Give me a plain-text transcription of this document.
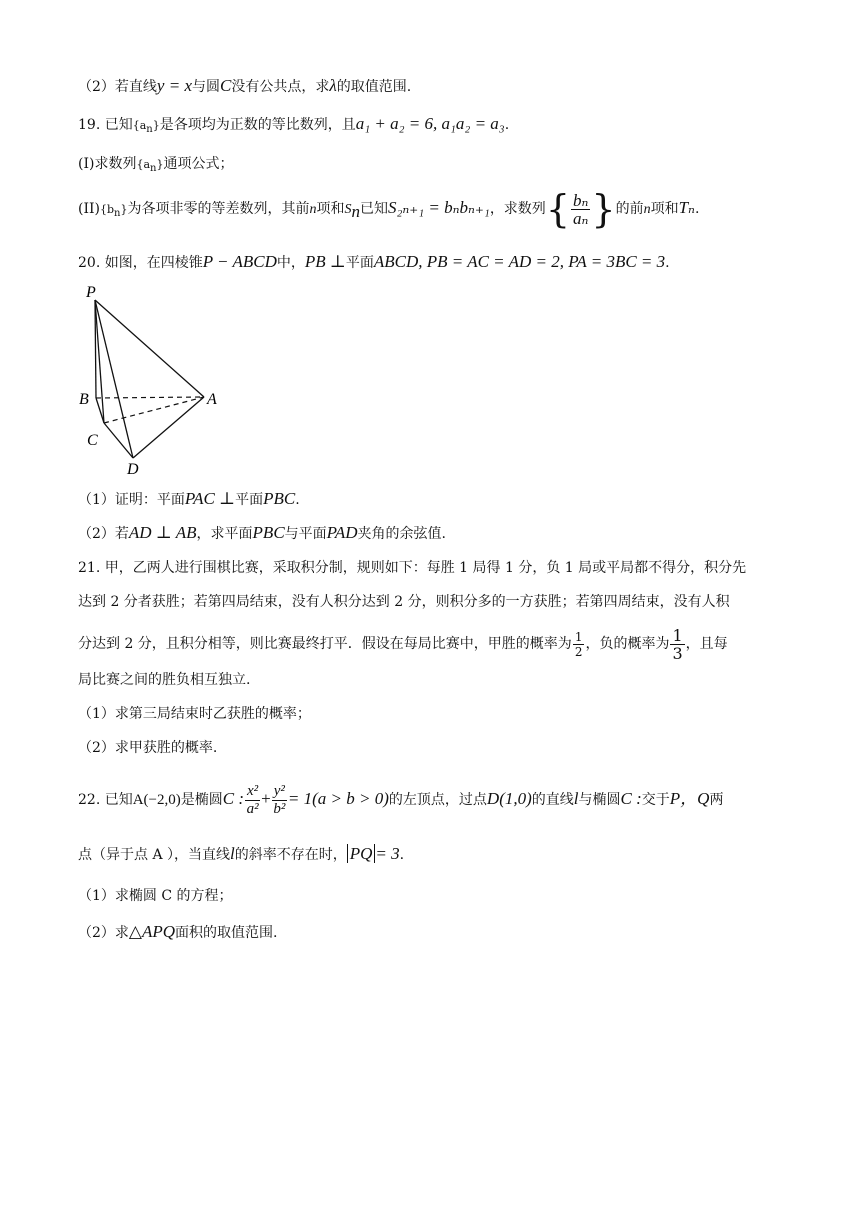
（2）若直线y = x与圆C没有公共点，求λ的取值范围.
19. 已知$\{a_n\}$是各项均为正数的等比数列，且a₁ + a₂ = 6, a₁a₂ = a₃.
(Ⅰ)求数列$\{a_n\}$通项公式；
$(ⅠⅠ)\{b_n\}$为各项非零的等差数列，其前n项和$S_n$已知S₂ₙ₊₁ = bₙbₙ₊₁，求数列{ $\frac{\text{bₙ}}{\text{aₙ}}$ }的前n项和Tₙ.
20. 如图，在四棱锥P − ABCD中，PB ⊥平面ABCD, PB = AC = AD = 2, PA = 3BC = 3.
P
B	A
C
D
（1）证明：平面PAC ⊥平面PBC.
（2）若AD ⊥ AB，求平面PBC与平面PAD夹角的余弦值.
21. 甲，乙两人进行围棋比赛，采取积分制，规则如下：每胜 1 局得 1 分，负 1 局或平局都不得分，积分先
达到 2 分者获胜；若第四局结束，没有人积分达到 2 分，则积分多的一方获胜；若第四周结束，没有人积
分达到 2 分，且积分相等，则比赛最终打平．假设在每局比赛中，甲胜的概率为 $\frac{1}{2}$ ，负的概率为 $\frac{1}{3}$ ，且每
局比赛之间的胜负相互独立.
（1）求第三局结束时乙获胜的概率；
（2）求甲获胜的概率.
22. 已知A(−2,0)是椭圆C : $\frac{\text{x²}}{\text{a²}} + \frac{\text{y²}}{\text{b²}} = 1(a > b > 0)$的左顶点，过点D(1,0)的直线l与椭圆C :交于P，Q两
点（异于点 A ），当直线l的斜率不存在时， PQ = 3.
（1）求椭圆 C 的方程；
（2）求△APQ面积的取值范围.
